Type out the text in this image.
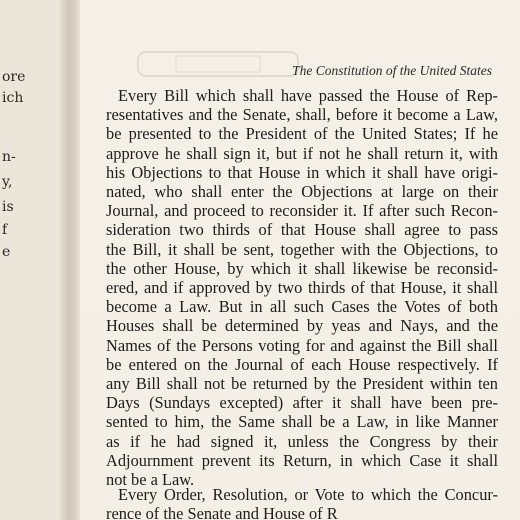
ore
ich
n-
y,
is
f
e
The Constitution of the United States
Every Bill which shall have passed the House of Rep-
resentatives and the Senate, shall, before it become a Law,
be presented to the President of the United States; If he
approve he shall sign it, but if not he shall return it, with
his Objections to that House in which it shall have origi-
nated, who shall enter the Objections at large on their
Journal, and proceed to reconsider it. If after such Recon-
sideration two thirds of that House shall agree to pass
the Bill, it shall be sent, together with the Objections, to
the other House, by which it shall likewise be reconsid-
ered, and if approved by two thirds of that House, it shall
become a Law. But in all such Cases the Votes of both
Houses shall be determined by yeas and Nays, and the
Names of the Persons voting for and against the Bill shall
be entered on the Journal of each House respectively. If
any Bill shall not be returned by the President within ten
Days (Sundays excepted) after it shall have been pre-
sented to him, the Same shall be a Law, in like Manner
as if he had signed it, unless the Congress by their
Adjournment prevent its Return, in which Case it shall
not be a Law.
Every Order, Resolution, or Vote to which the Concur-
rence of the Senate and House of R
